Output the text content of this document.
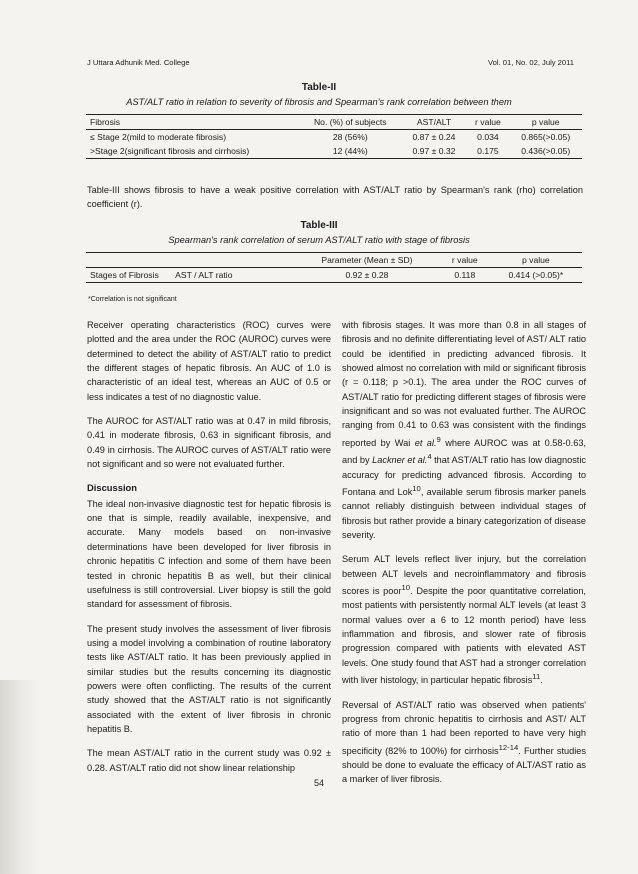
J Uttara Adhunik Med. College	Vol. 01, No. 02, July 2011
Table-II
AST/ALT ratio in relation to severity of fibrosis and Spearman's rank correlation between them
Fibrosis	No. (%) of subjects	AST/ALT	r value	p value
≤ Stage 2(mild to moderate fibrosis)	28 (56%)	0.87 ± 0.24	0.034	0.865(>0.05)
>Stage 2(significant fibrosis and cirrhosis)	12 (44%)	0.97 ± 0.32	0.175	0.436(>0.05)
Table-III shows fibrosis to have a weak positive correlation with AST/ALT ratio by Spearman's rank (rho) correlation coefficient (r).
Table-III
Spearman's rank correlation of serum AST/ALT ratio with stage of fibrosis
	Parameter (Mean ± SD)	r value	p value
Stages of Fibrosis AST / ALT ratio	0.92 ± 0.28	0.118	0.414 (>0.05)*
*Correlation is not significant

Receiver operating characteristics (ROC) curves were plotted and the area under the ROC (AUROC) curves were determined to detect the ability of AST/ALT ratio to predict the different stages of hepatic fibrosis. An AUC of 1.0 is characteristic of an ideal test, whereas an AUC of 0.5 or less indicates a test of no diagnostic value.

The AUROC for AST/ALT ratio was at 0.47 in mild fibrosis, 0.41 in moderate fibrosis, 0.63 in significant fibrosis, and 0.49 in cirrhosis. The AUROC curves of AST/ALT ratio were not significant and so were not evaluated further.

Discussion

The ideal non-invasive diagnostic test for hepatic fibrosis is one that is simple, readily available, inexpensive, and accurate. Many models based on non-invasive determinations have been developed for liver fibrosis in chronic hepatitis C infection and some of them have been tested in chronic hepatitis B as well, but their clinical usefulness is still controversial. Liver biopsy is still the gold standard for assessment of fibrosis.

The present study involves the assessment of liver fibrosis using a model involving a combination of routine laboratory tests like AST/ALT ratio. It has been previously applied in similar studies but the results concerning its diagnostic powers were often conflicting. The results of the current study showed that the AST/ALT ratio is not significantly associated with the extent of liver fibrosis in chronic hepatitis B.

The mean AST/ALT ratio in the current study was 0.92 ± 0.28. AST/ALT ratio did not show linear relationship

with fibrosis stages. It was more than 0.8 in all stages of fibrosis and no definite differentiating level of AST/ ALT ratio could be identified in predicting advanced fibrosis. It showed almost no correlation with mild or significant fibrosis (r = 0.118; p >0.1). The area under the ROC curves of AST/ALT ratio for predicting different stages of fibrosis were insignificant and so was not evaluated further. The AUROC ranging from 0.41 to 0.63 was consistent with the findings reported by Wai et al.$^9$ where AUROC was at 0.58-0.63, and by Lackner et al.$^4$ that AST/ALT ratio has low diagnostic accuracy for predicting advanced fibrosis. According to Fontana and Lok$^{10}$, available serum fibrosis marker panels cannot reliably distinguish between individual stages of fibrosis but rather provide a binary categorization of disease severity.

Serum ALT levels reflect liver injury, but the correlation between ALT levels and necroinflammatory and fibrosis scores is poor$^{10}$. Despite the poor quantitative correlation, most patients with persistently normal ALT levels (at least 3 normal values over a 6 to 12 month period) have less inflammation and fibrosis, and slower rate of fibrosis progression compared with patients with elevated AST levels. One study found that AST had a stronger correlation with liver histology, in particular hepatic fibrosis$^{11}$.

Reversal of AST/ALT ratio was observed when patients' progress from chronic hepatitis to cirrhosis and AST/ ALT ratio of more than 1 had been reported to have very high specificity (82% to 100%) for cirrhosis$^{12-14}$. Further studies should be done to evaluate the efficacy of ALT/AST ratio as a marker of liver fibrosis.

54
